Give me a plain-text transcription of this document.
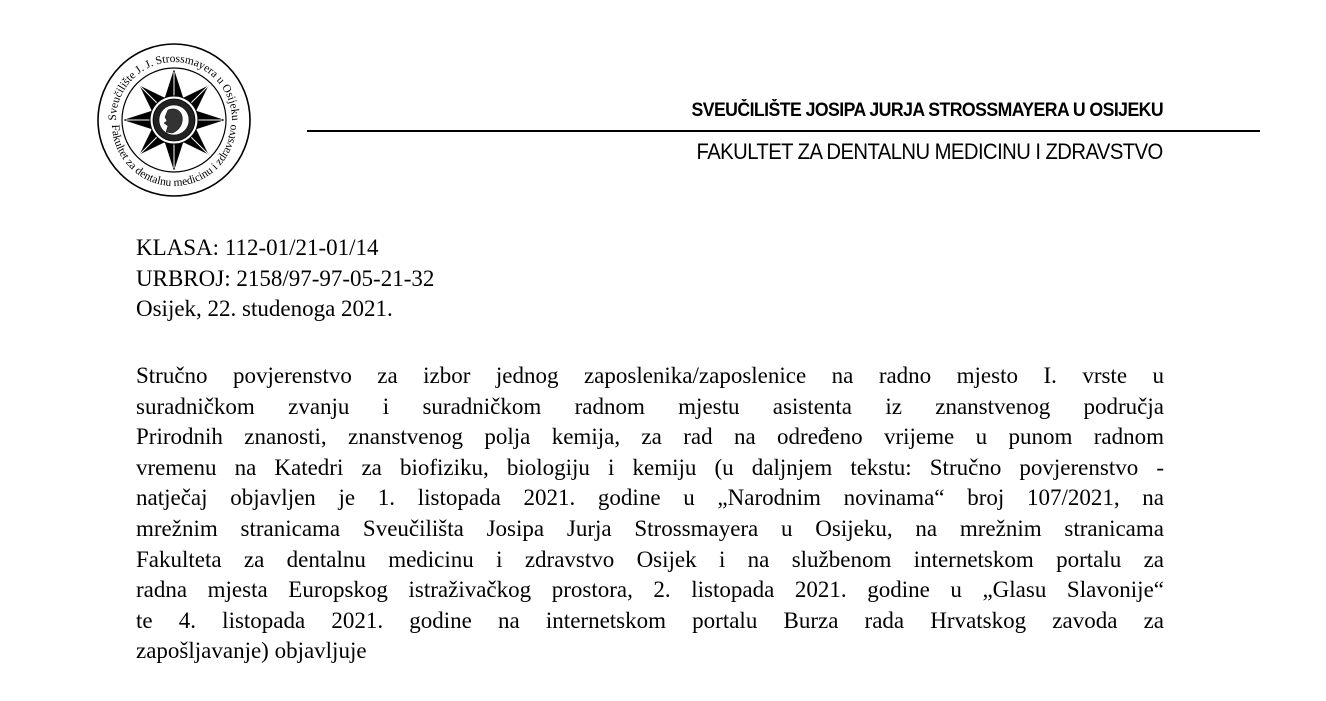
Sveučilište J. J. Strossmayera u Osijeku
Fakultet za dentalnu medicinu i zdravstvo
SVEUČILIŠTE JOSIPA JURJA STROSSMAYERA U OSIJEKU
FAKULTET ZA DENTALNU MEDICINU I ZDRAVSTVO
KLASA: 112-01/21-01/14
URBROJ: 2158/97-97-05-21-32
Osijek, 22. studenoga 2021.
Stručno povjerenstvo za izbor jednog zaposlenika/zaposlenice na radno mjesto I. vrste u
suradničkom zvanju i suradničkom radnom mjestu asistenta iz znanstvenog područja
Prirodnih znanosti, znanstvenog polja kemija, za rad na određeno vrijeme u punom radnom
vremenu na Katedri za biofiziku, biologiju i kemiju (u daljnjem tekstu: Stručno povjerenstvo -
natječaj objavljen je 1. listopada 2021. godine u „Narodnim novinama“ broj 107/2021, na
mrežnim stranicama Sveučilišta Josipa Jurja Strossmayera u Osijeku, na mrežnim stranicama
Fakulteta za dentalnu medicinu i zdravstvo Osijek i na službenom internetskom portalu za
radna mjesta Europskog istraživačkog prostora, 2. listopada 2021. godine u „Glasu Slavonije“
te 4. listopada 2021. godine na internetskom portalu Burza rada Hrvatskog zavoda za
zapošljavanje) objavljuje
